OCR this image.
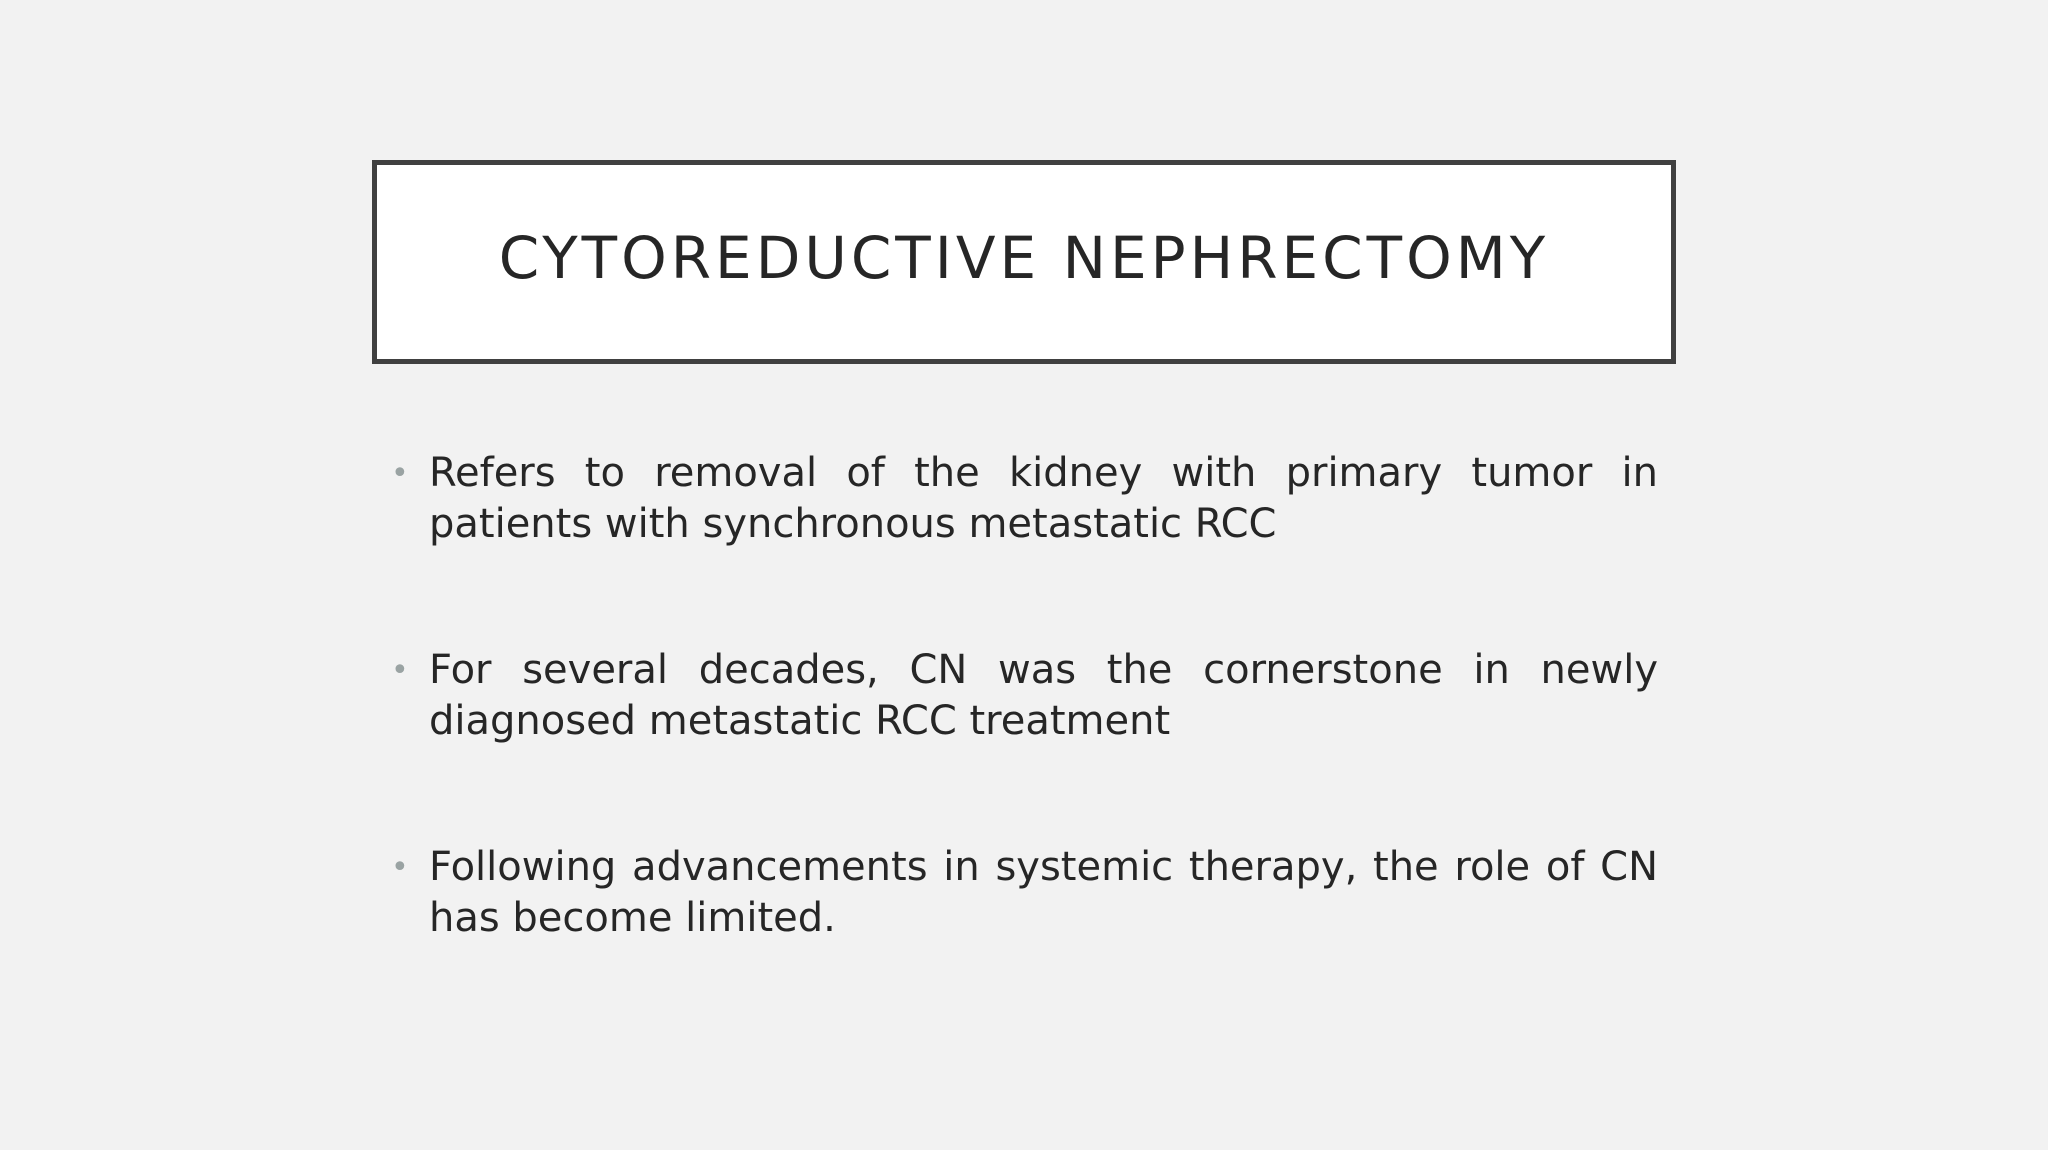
CYTOREDUCTIVE NEPHRECTOMY
• Refers to removal of the kidney with primary tumor in patients with synchronous metastatic RCC
• For several decades, CN was the cornerstone in newly diagnosed metastatic RCC treatment
• Following advancements in systemic therapy, the role of CN has become limited.
